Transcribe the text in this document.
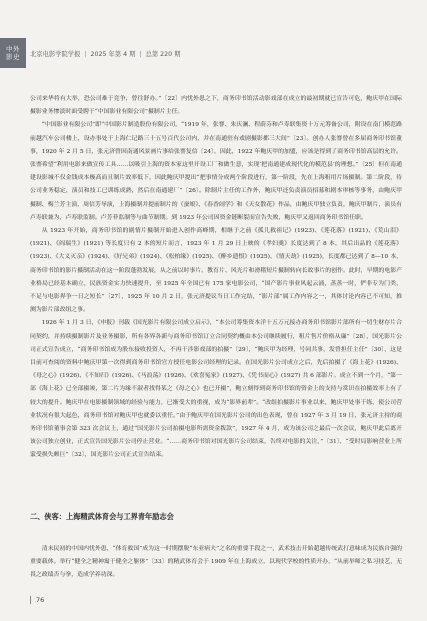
中外
影史 北京电影学院学报 | 2025 年第 4 期 | 总第 220 期

公司来华将有大举，恐公司难于竞争，曾往舒办。”〔22〕内忧外患之下，商务印书馆活动影戏部在成立的最初期就已宣告可危，鲍庆甲在国际摄影业务惨淡时面受聘于“中国影业有限公司”摄制片主任。

“中国影业有限公司”即“中国影片制造股份有限公司，“1919 年，张謇、朱庆澜、程蔚芬和卢寿联集资十万元筹备公司，附设在南门模范路前越汽车公司楼上，设办事处于上海仁记路三十五号百代公司内，并在南通驻有戏剧摄影都三大间”〔23〕。创办人张謇曾在多届商务印书馆董事，1920 年 2 月 5 日，张元济曾因南通风景画片事给张謇复信〔24〕，因此，1922 年鲍庆甲的加盟，应该是得到了商务印书馆高层的允许。张謇希望“利用电影来做宣传工具……以吸引上海的资本家这里开设工厂和做生意，实现‘把南通建成现代化的模范县’的理想。”〔25〕但在南通建设影城不仅金钱成本极高而且制片效率低下，因此鲍庆甲提出“把事情分成两个阶段进行，第一阶段，先在上海租用片场摄制。第二阶段，待公司业务稳定，演员和技工已训练成熟，然后在南通建厂”〔26〕。除制片主任的工作外，鲍庆甲还负责演员招募和剧本审核等事务，由鲍庆甲摄制、梅兰芳主演、周信芳导演，上海摄制并提前制片的《蚕娘》、《春香闹学》和《天女散花》作品，由鲍庆甲独立负责，鲍庆甲制片，演员有卢寿联兼为，卢寿联监制。卢芳菲监制等与曲节制期。到 1923 年公司因资金链断裂而宣告失败，鲍庆甲又返回商务印书馆任职。

从 1923 年开始，商务印书馆的剧情片摄制开始进入创作高峰期，相继于之前《孤儿救祖记》(1923)、《莲花落》(1921)、《荒山泪》(1921)、《阎瑞生》(1921) 等长度只有 2 本的短片而言，1923 年 1 月 29 日上映的《孝妇羹》长度达到了 8 本，其后出品的《莲花落》(1923)、《大义灭亲》(1924)、《好兄弟》(1924)、《松柏缘》(1925)、《醉乡遗恨》(1925)、《情天劫》(1925)，长度都已达到了 8—10 本，商务印书馆的影片摄制活动在这一阶段蓬勃发展，从之前以时事片、教育片、风光片和滑稽短片摄制转向长故事片的创作。此时，早期的电影产业格局已经基本确立，民族资金实力快速提升，至 1925 年全国已有 175 家电影公司，“国产影片事业风起云涌，蒸蒸一时，俨非专为门类，不足与电影界争一日之短长”〔27〕，1925 年 10 月 2 日，张元济提议当日工作完结，“影片部”属工作内容之一，其体讨论内容已不可知，推测为影片部改组之事。

1926 年 1 月 3 日，《申报》刊载《国光影片有限公司成立启示》，“本公司筹集资本洋十五万元接办商务印书馆影片部所有一切生财存片合同契约，并持续摄制影片及业务摄影，所有各界各新与商务印书馆订立合同契约概由本公司继续履行，租片售片价格从廉”〔28〕，国光影片公司正式宣告成立，“商务印书馆成为股东接收投资人，不再干涉影戏部的拍摄”〔29〕，“鲍庆甲为经理，号同共事，发曾担任主任”〔30〕，这是目前可查阅的资料中鲍庆甲第一次得到商务印书馆官方授任电影公司经理的记录。在国光影片公司成立之后，先后拍摄了《海上花》(1926)、《母之心》(1926)、《不知归》(1926)、《马浪荡》(1926)、《欢喜冤家》(1927)、《凭书而心》(1927) 共 6 部影片。成立不到一个月，“第一部《海上花》已全部摄竣，第二片为缘不淑者找得某之《母之心》也已开摄”，鲍立刻得到商务印书馆的资金上的支持与赏识在拍摄效率上有了较大的提升。鲍庆甲在电影摄制领域的经验与能力，已渐受大的重视，成为“影界前辈”。“改组拍摄影片事业以来，鲍庆甲处事干练，使公司营业状况有很大起色，商务印书馆对鲍庆甲也就委以重任。”由于鲍庆甲在国光影片公司的出色表现，曾在 1927 年 3 月 19 日，张元济主持的商务印书馆董事会第 323 次会议上，通过“国光影片公司拍摄电影所需资金拨款”，1927 年 4 月，成为该公司之最后一次会议，鲍庆甲此后离开该公司独立创业，正式宣告国光影片公司停止营业。“……商务印书馆对国光影片公司结束，告终对电影的关注，”〔31〕，“受时局影响营业上所蒙受损失颇巨”〔32〕，国光影片公司正式宣告结束。

二、侠客：上海精武体育会与工界青年励志会

清末民初的中国内忧外患，“体育救国”成为这一时期摆脱“东亚病夫”之名的重要手段之一，武术技击开始超越传统武打意味成为民族自强的重要载体。举行“健全之精神寓于健全之躯体”〔33〕的精武体育会于 1909 年在上海成立，以现代学校的性质开办，“从前举师之私习技艺，无畏之政绩否与拳，造成学养功深。

76
